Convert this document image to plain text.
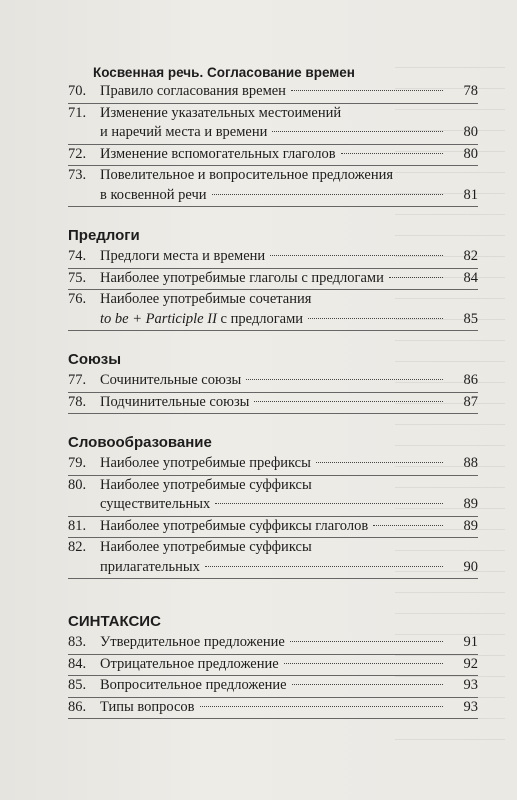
Косвенная речь. Согласование времен
70. Правило согласования времен	78
71. Изменение указательных местоимений
и наречий места и времени	80
72. Изменение вспомогательных глаголов	80
73. Повелительное и вопросительное предложения
в косвенной речи	81
Предлоги
74. Предлоги места и времени	82
75. Наиболее употребимые глаголы с предлогами	84
76. Наиболее употребимые сочетания
to be + Participle II с предлогами	85
Союзы
77. Сочинительные союзы	86
78. Подчинительные союзы	87
Словообразование
79. Наиболее употребимые префиксы	88
80. Наиболее употребимые суффиксы
существительных	89
81. Наиболее употребимые суффиксы глаголов	89
82. Наиболее употребимые суффиксы
прилагательных	90
СИНТАКСИС
83. Утвердительное предложение	91
84. Отрицательное предложение	92
85. Вопросительное предложение	93
86. Типы вопросов	93
